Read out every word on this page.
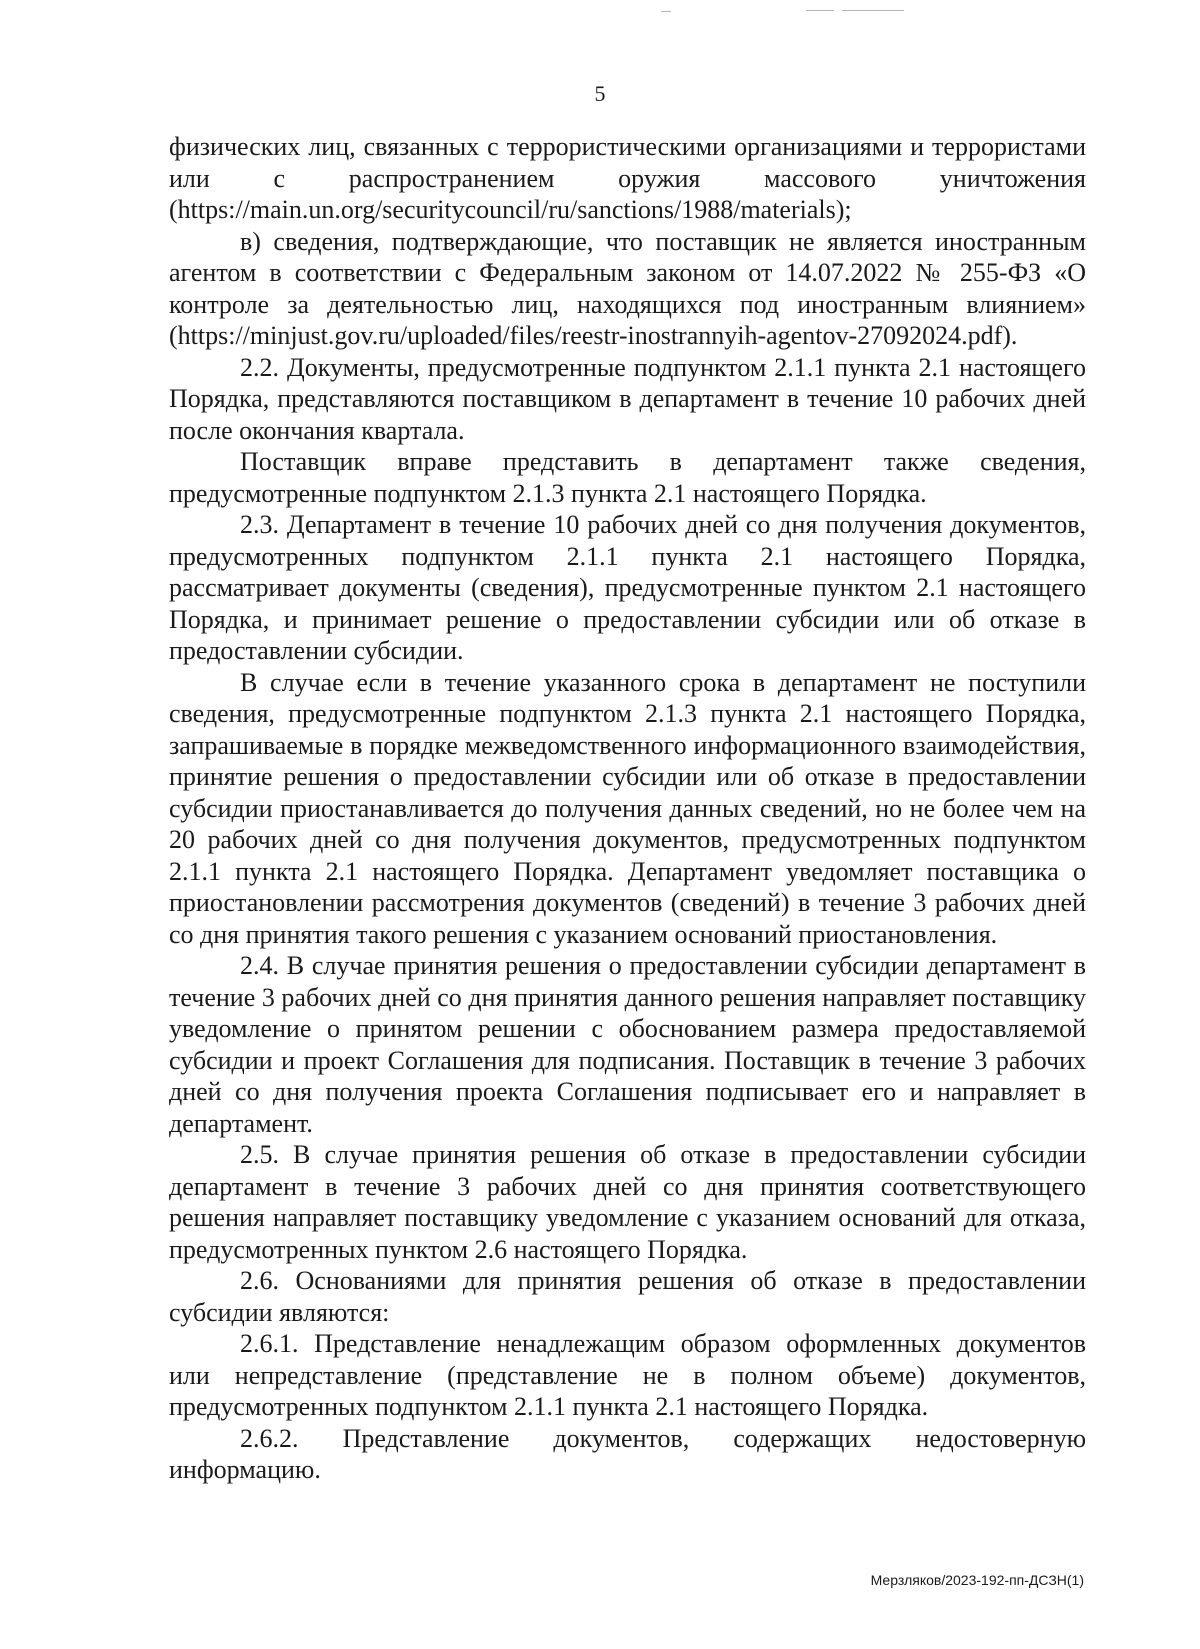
5

физических лиц, связанных с террористическими организациями и террористами или с распространением оружия массового уничтожения (https://main.un.org/securitycouncil/ru/sanctions/1988/materials);

в) сведения, подтверждающие, что поставщик не является иностранным агентом в соответствии с Федеральным законом от 14.07.2022 № 255-ФЗ «О контроле за деятельностью лиц, находящихся под иностранным влиянием» (https://minjust.gov.ru/uploaded/files/reestr-inostrannyih-agentov-27092024.pdf).

2.2. Документы, предусмотренные подпунктом 2.1.1 пункта 2.1 настоящего Порядка, представляются поставщиком в департамент в течение 10 рабочих дней после окончания квартала.

Поставщик вправе представить в департамент также сведения, предусмотренные подпунктом 2.1.3 пункта 2.1 настоящего Порядка.

2.3. Департамент в течение 10 рабочих дней со дня получения документов, предусмотренных подпунктом 2.1.1 пункта 2.1 настоящего Порядка, рассматривает документы (сведения), предусмотренные пунктом 2.1 настоящего Порядка, и принимает решение о предоставлении субсидии или об отказе в предоставлении субсидии.

В случае если в течение указанного срока в департамент не поступили сведения, предусмотренные подпунктом 2.1.3 пункта 2.1 настоящего Порядка, запрашиваемые в порядке межведомственного информационного взаимодействия, принятие решения о предоставлении субсидии или об отказе в предоставлении субсидии приостанавливается до получения данных сведений, но не более чем на 20 рабочих дней со дня получения документов, предусмотренных подпунктом 2.1.1 пункта 2.1 настоящего Порядка. Департамент уведомляет поставщика о приостановлении рассмотрения документов (сведений) в течение 3 рабочих дней со дня принятия такого решения с указанием оснований приостановления.

2.4. В случае принятия решения о предоставлении субсидии департамент в течение 3 рабочих дней со дня принятия данного решения направляет поставщику уведомление о принятом решении с обоснованием размера предоставляемой субсидии и проект Соглашения для подписания. Поставщик в течение 3 рабочих дней со дня получения проекта Соглашения подписывает его и направляет в департамент.

2.5. В случае принятия решения об отказе в предоставлении субсидии департамент в течение 3 рабочих дней со дня принятия соответствующего решения направляет поставщику уведомление с указанием оснований для отказа, предусмотренных пунктом 2.6 настоящего Порядка.

2.6. Основаниями для принятия решения об отказе в предоставлении субсидии являются:

2.6.1. Представление ненадлежащим образом оформленных документов или непредставление (представление не в полном объеме) документов, предусмотренных подпунктом 2.1.1 пункта 2.1 настоящего Порядка.

2.6.2. Представление документов, содержащих недостоверную информацию.

Мерзляков/2023-192-пп-ДСЗН(1)
